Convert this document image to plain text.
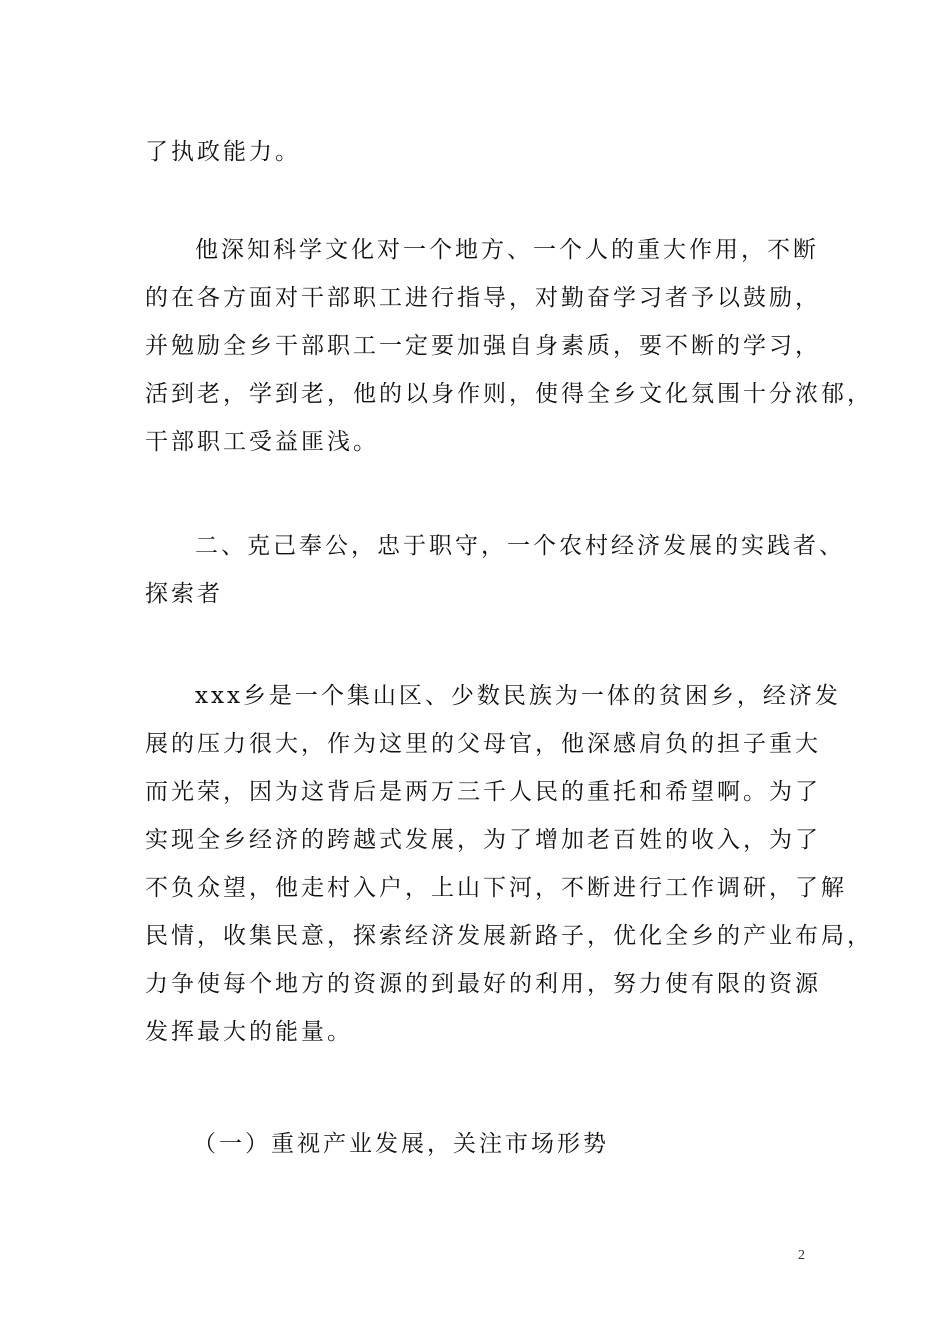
了执政能力。
他深知科学文化对一个地方、一个人的重大作用，不断
的在各方面对干部职工进行指导，对勤奋学习者予以鼓励，
并勉励全乡干部职工一定要加强自身素质，要不断的学习，
活到老，学到老，他的以身作则，使得全乡文化氛围十分浓郁，
干部职工受益匪浅。
二、克己奉公，忠于职守，一个农村经济发展的实践者、
探索者
xxx乡是一个集山区、少数民族为一体的贫困乡，经济发
展的压力很大，作为这里的父母官，他深感肩负的担子重大
而光荣，因为这背后是两万三千人民的重托和希望啊。为了
实现全乡经济的跨越式发展，为了增加老百姓的收入，为了
不负众望，他走村入户，上山下河，不断进行工作调研，了解
民情，收集民意，探索经济发展新路子，优化全乡的产业布局，
力争使每个地方的资源的到最好的利用，努力使有限的资源
发挥最大的能量。
（一）重视产业发展，关注市场形势
2
